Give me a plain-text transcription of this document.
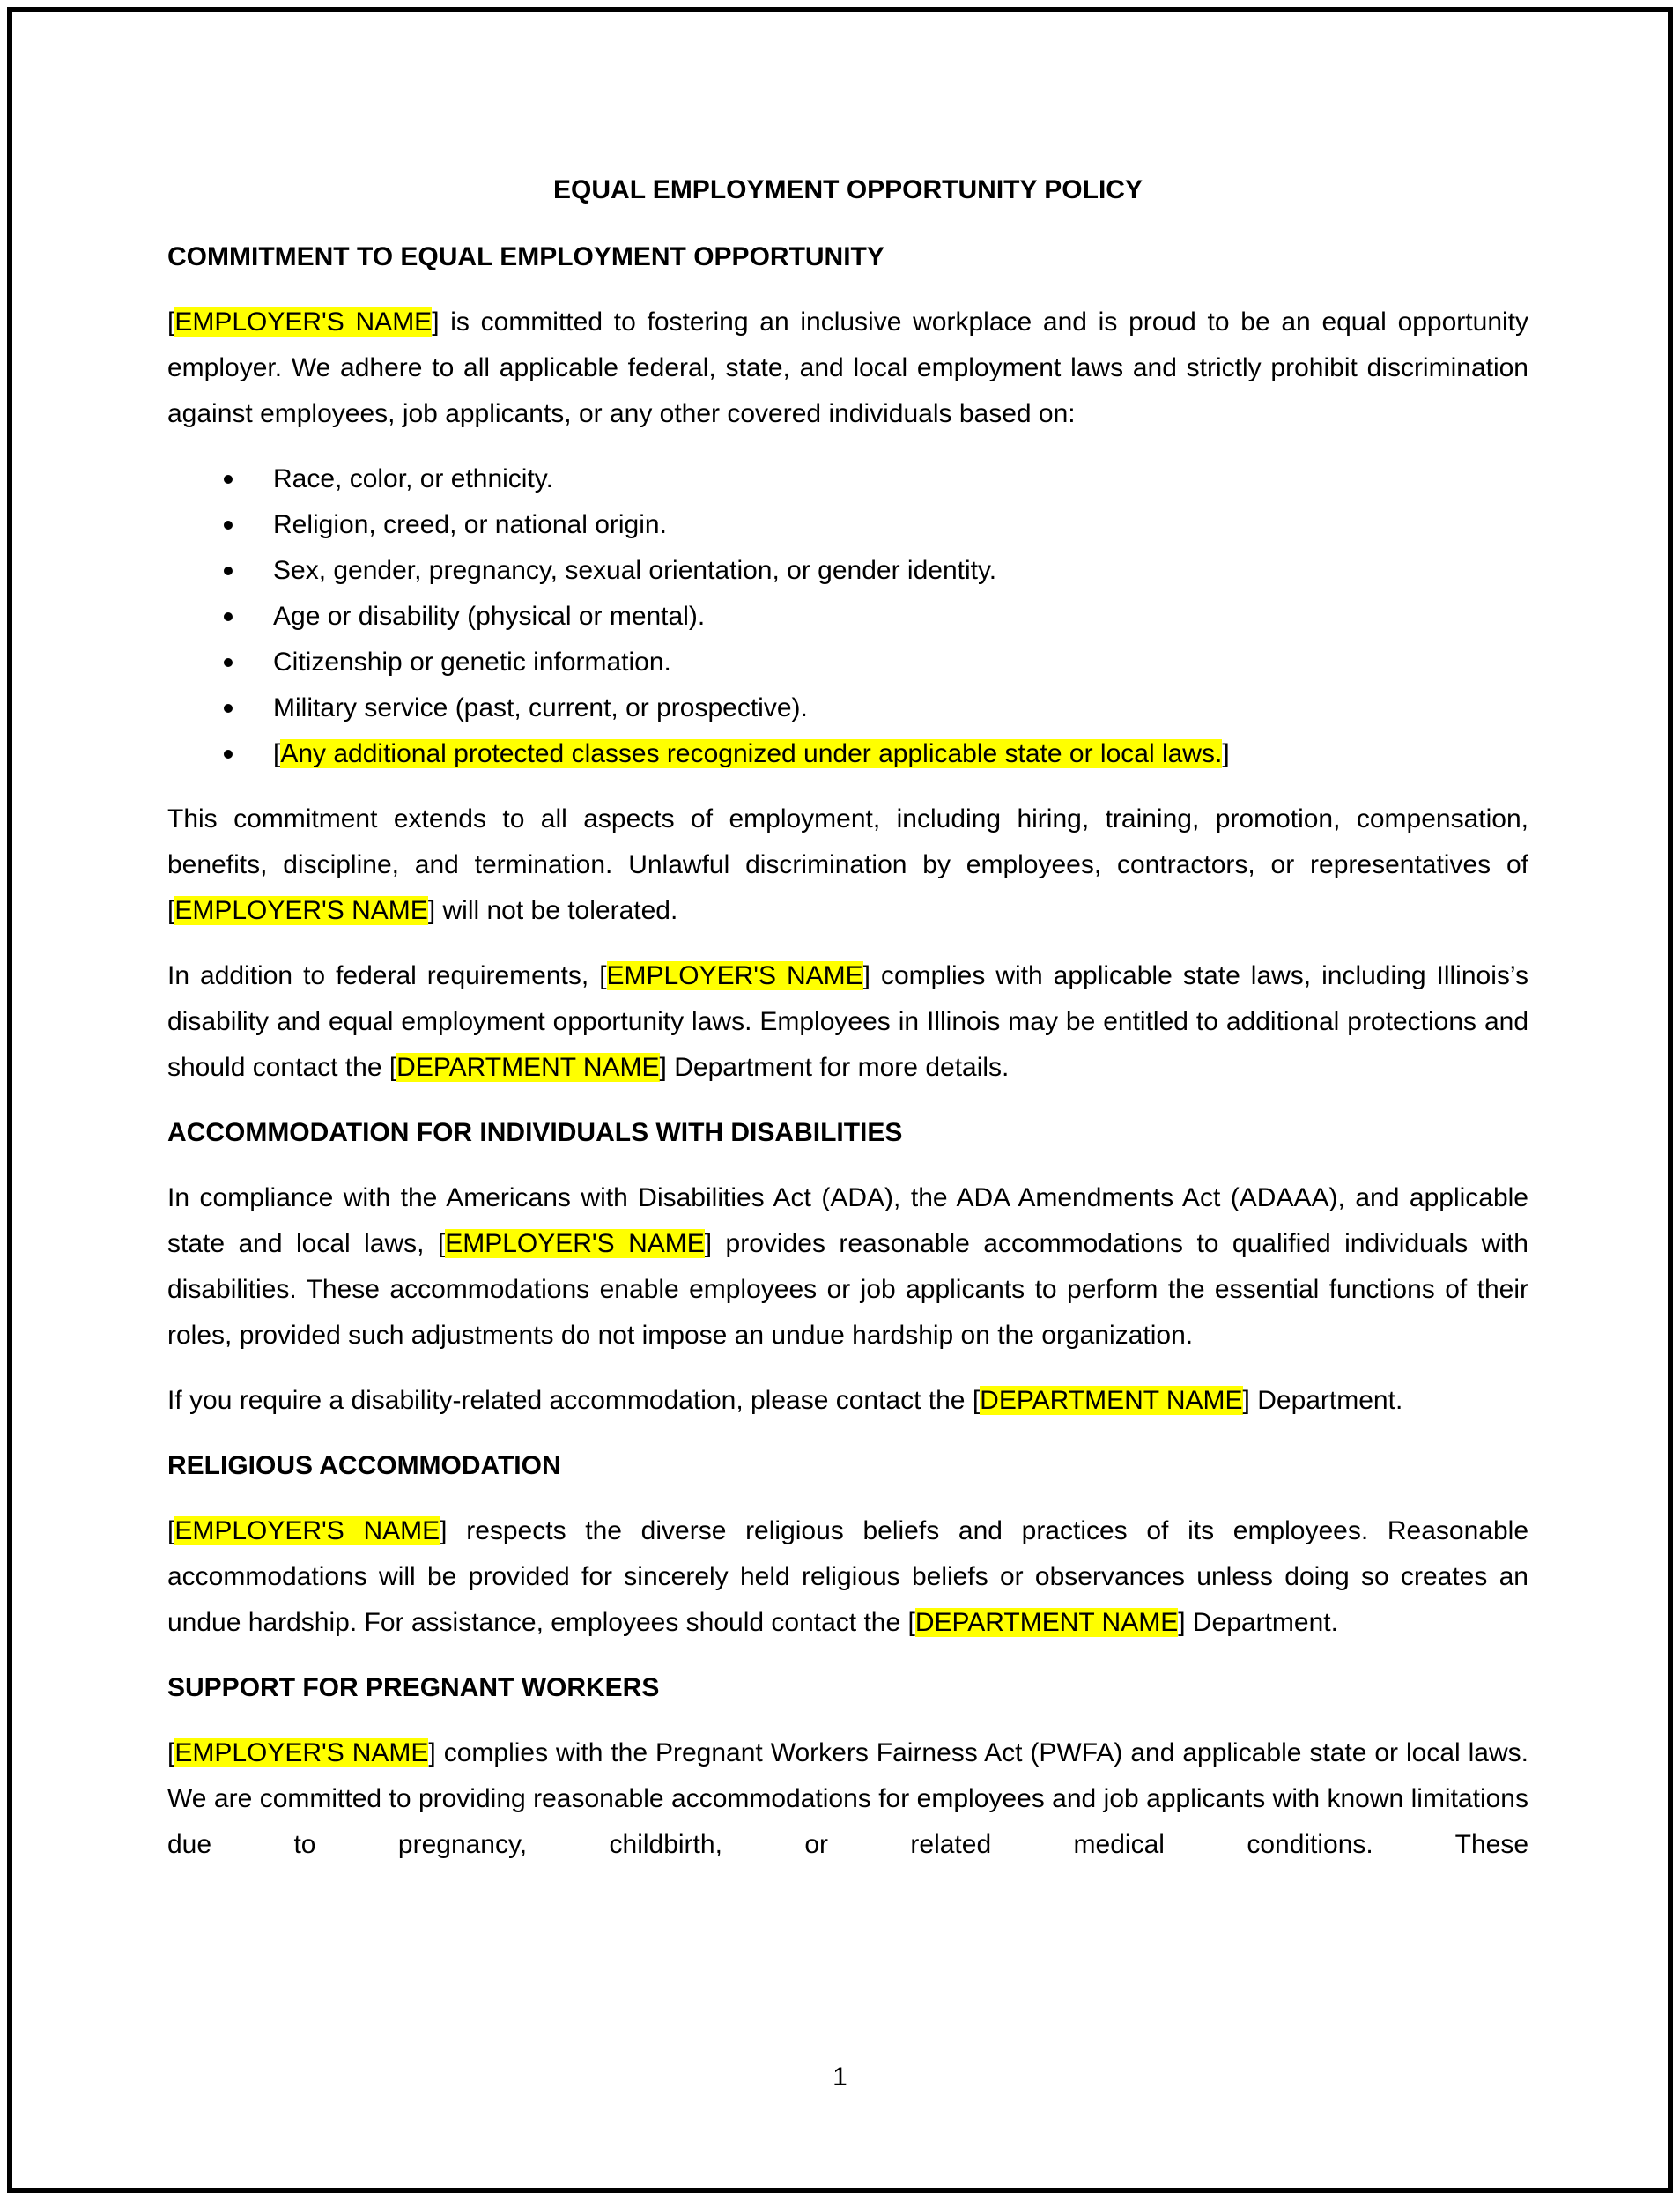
EQUAL EMPLOYMENT OPPORTUNITY POLICY

COMMITMENT TO EQUAL EMPLOYMENT OPPORTUNITY

[EMPLOYER'S NAME] is committed to fostering an inclusive workplace and is proud to be an equal opportunity employer. We adhere to all applicable federal, state, and local employment laws and strictly prohibit discrimination against employees, job applicants, or any other covered individuals based on:

Race, color, or ethnicity.
Religion, creed, or national origin.
Sex, gender, pregnancy, sexual orientation, or gender identity.
Age or disability (physical or mental).
Citizenship or genetic information.
Military service (past, current, or prospective).
[Any additional protected classes recognized under applicable state or local laws.]

This commitment extends to all aspects of employment, including hiring, training, promotion, compensation, benefits, discipline, and termination. Unlawful discrimination by employees, contractors, or representatives of [EMPLOYER'S NAME] will not be tolerated.

In addition to federal requirements, [EMPLOYER'S NAME] complies with applicable state laws, including Illinois’s disability and equal employment opportunity laws. Employees in Illinois may be entitled to additional protections and should contact the [DEPARTMENT NAME] Department for more details.

ACCOMMODATION FOR INDIVIDUALS WITH DISABILITIES

In compliance with the Americans with Disabilities Act (ADA), the ADA Amendments Act (ADAAA), and applicable state and local laws, [EMPLOYER'S NAME] provides reasonable accommodations to qualified individuals with disabilities. These accommodations enable employees or job applicants to perform the essential functions of their roles, provided such adjustments do not impose an undue hardship on the organization.

If you require a disability-related accommodation, please contact the [DEPARTMENT NAME] Department.

RELIGIOUS ACCOMMODATION

[EMPLOYER'S NAME] respects the diverse religious beliefs and practices of its employees. Reasonable accommodations will be provided for sincerely held religious beliefs or observances unless doing so creates an undue hardship. For assistance, employees should contact the [DEPARTMENT NAME] Department.

SUPPORT FOR PREGNANT WORKERS

[EMPLOYER'S NAME] complies with the Pregnant Workers Fairness Act (PWFA) and applicable state or local laws. We are committed to providing reasonable accommodations for employees and job applicants with known limitations due to pregnancy, childbirth, or related medical conditions. These

1
